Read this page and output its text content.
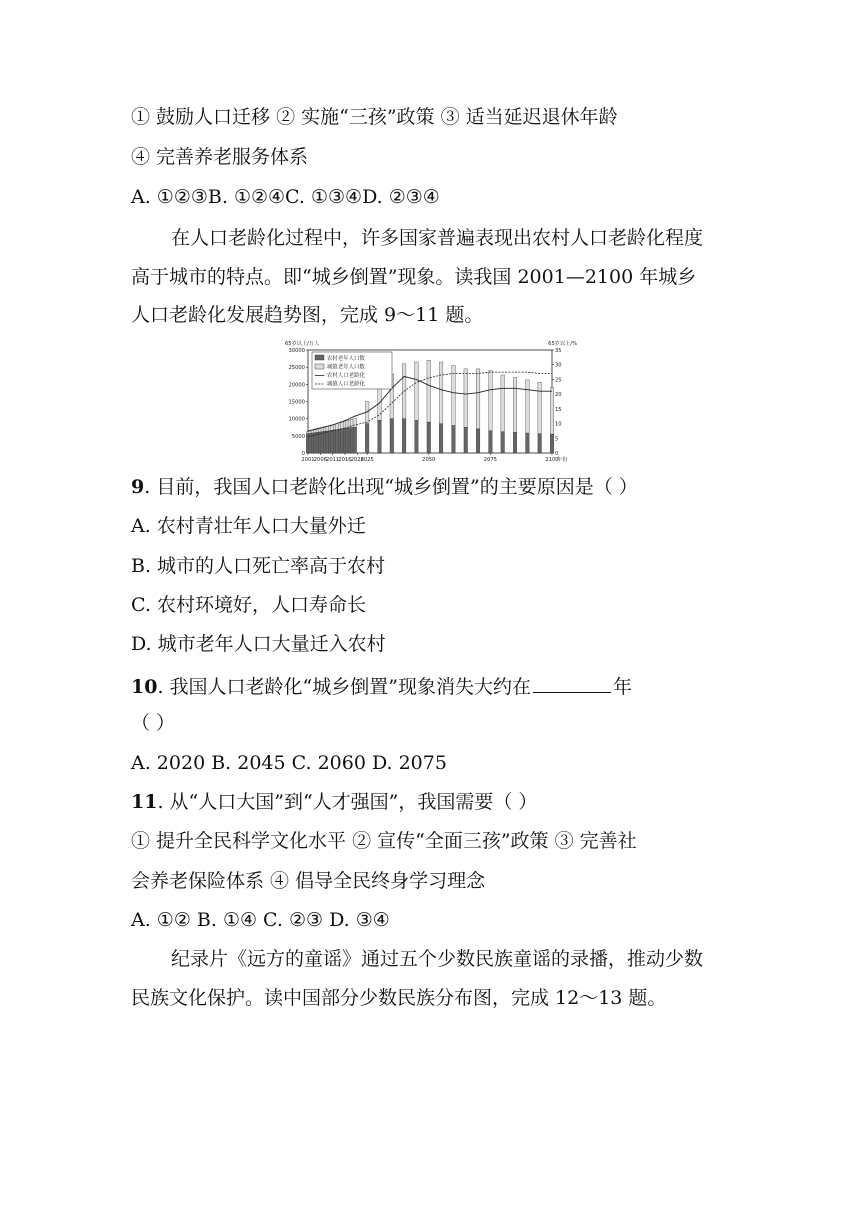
① 鼓励人口迁移 ② 实施“三孩”政策 ③ 适当延迟退休年龄
④ 完善养老服务体系
A. ①②③B. ①②④C. ①③④D. ②③④
在人口老龄化过程中，许多国家普遍表现出农村人口老龄化程度
高于城市的特点。即“城乡倒置”现象。读我国 2001—2100 年城乡
人口老龄化发展趋势图，完成 9～11 题。
0
5000
10000
15000
20000
25000
30000
0
5
10
15
20
25
30
35
65岁以上/万人	65岁以上/%
2001 2006 2011 2016 2026
2025	2050	2075	2100
年份
农村老年人口数
城镇老年人口数
农村人口老龄化
城镇人口老龄化
9. 目前，我国人口老龄化出现“城乡倒置”的主要原因是（ ）
A. 农村青壮年人口大量外迁
B. 城市的人口死亡率高于农村
C. 农村环境好，人口寿命长
D. 城市老年人口大量迁入农村
10. 我国人口老龄化“城乡倒置”现象消失大约在	年
（ ）
A. 2020 B. 2045 C. 2060 D. 2075
11. 从“人口大国”到“人才强国”，我国需要（ ）
① 提升全民科学文化水平 ② 宣传“全面三孩”政策 ③ 完善社
会养老保险体系 ④ 倡导全民终身学习理念
A. ①② B. ①④ C. ②③ D. ③④
纪录片《远方的童谣》通过五个少数民族童谣的录播，推动少数
民族文化保护。读中国部分少数民族分布图，完成 12～13 题。
